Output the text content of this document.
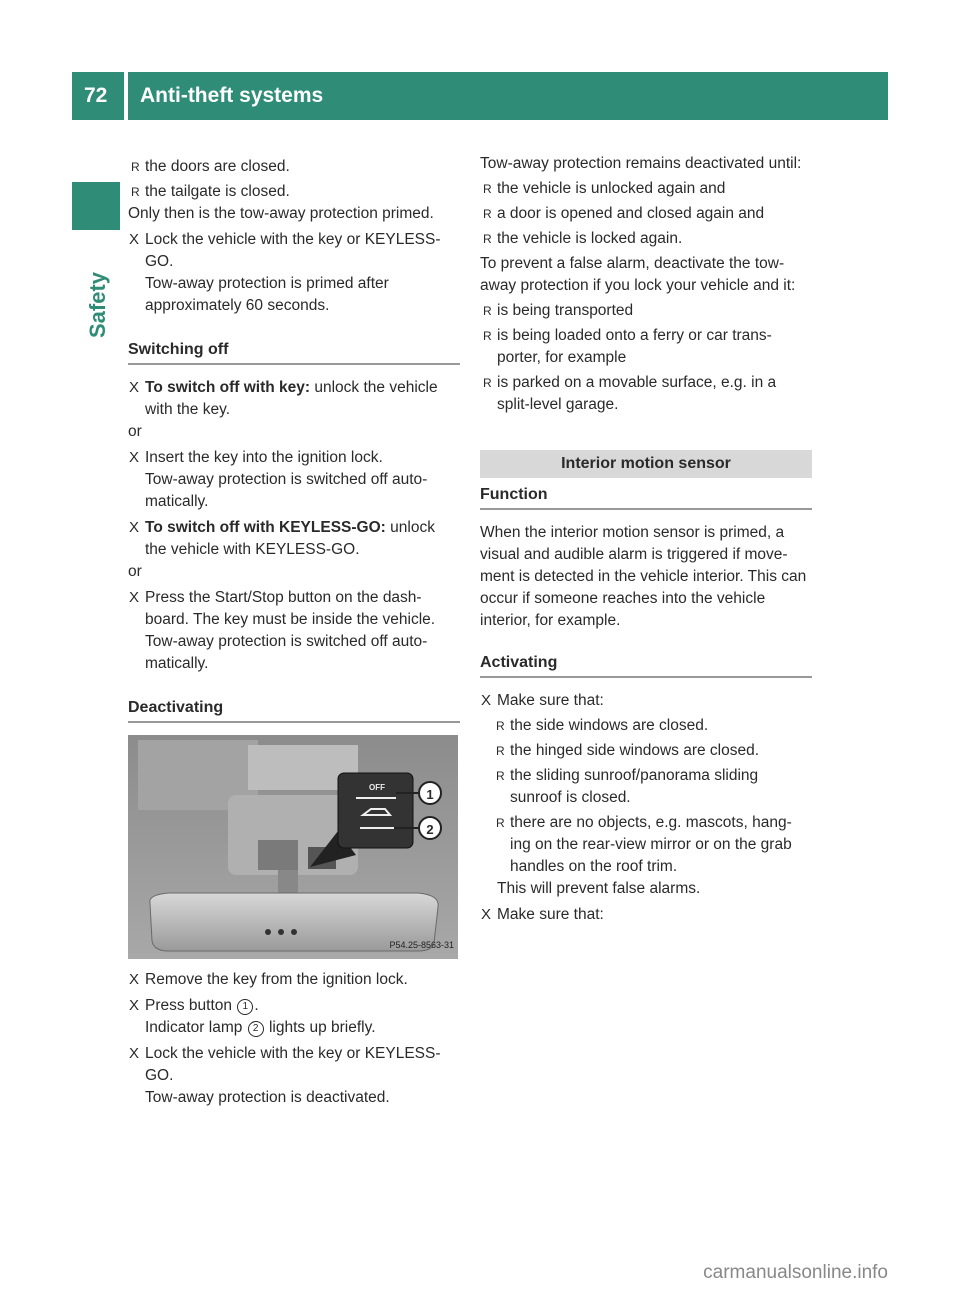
72 Anti-theft systems
Safety

R the doors are closed.

R the tailgate is closed.

Only then is the tow-away protection primed.

X Lock the vehicle with the key or KEYLESS-GO.

Tow-away protection is primed after approximately 60 seconds.

Switching off

X To switch off with key: unlock the vehicle with the key.

or

X Insert the key into the ignition lock.

Tow-away protection is switched off auto-matically.

X To switch off with KEYLESS-GO: unlock the vehicle with KEYLESS-GO.

or

X Press the Start/Stop button on the dash-board. The key must be inside the vehicle.

Tow-away protection is switched off auto-matically.

Deactivating

OFF	1
2
P54.25-8563-31

X Remove the key from the ignition lock.

X Press button 1 .

Indicator lamp 2 lights up briefly.

X Lock the vehicle with the key or KEYLESS-GO.

Tow-away protection is deactivated.

Tow-away protection remains deactivated until:

R the vehicle is unlocked again and

R a door is opened and closed again and

R the vehicle is locked again.

To prevent a false alarm, deactivate the tow-away protection if you lock your vehicle and it:

R is being transported

R is being loaded onto a ferry or car trans-porter, for example

R is parked on a movable surface, e.g. in a split-level garage.

Interior motion sensor

Function

When the interior motion sensor is primed, a visual and audible alarm is triggered if move-ment is detected in the vehicle interior. This can occur if someone reaches into the vehicle interior, for example.

Activating

X Make sure that:

R the side windows are closed.

R the hinged side windows are closed.

R the sliding sunroof/panorama sliding sunroof is closed.

R there are no objects, e.g. mascots, hang-ing on the rear-view mirror or on the grab handles on the roof trim.

This will prevent false alarms.

X Make sure that:

carmanualsonline.info
